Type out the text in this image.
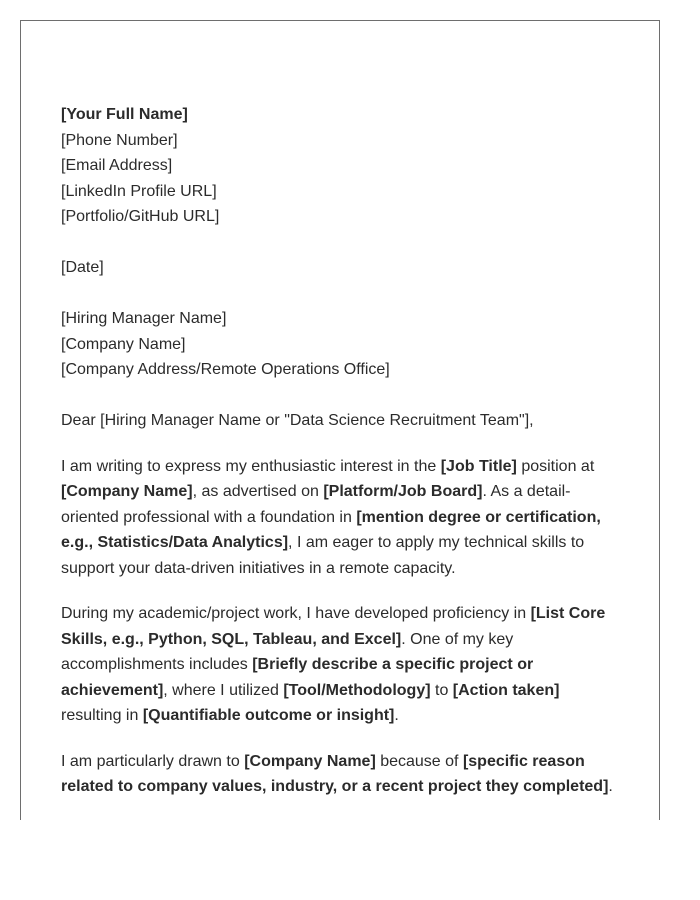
[Your Full Name]
[Phone Number]
[Email Address]
[LinkedIn Profile URL]
[Portfolio/GitHub URL]
[Date]
[Hiring Manager Name]
[Company Name]
[Company Address/Remote Operations Office]
Dear [Hiring Manager Name or "Data Science Recruitment Team"],

I am writing to express my enthusiastic interest in the [Job Title] position at [Company Name], as advertised on [Platform/Job Board]. As a detail-oriented professional with a foundation in [mention degree or certification, e.g., Statistics/Data Analytics], I am eager to apply my technical skills to support your data-driven initiatives in a remote capacity.

During my academic/project work, I have developed proficiency in [List Core Skills, e.g., Python, SQL, Tableau, and Excel]. One of my key accomplishments includes [Briefly describe a specific project or achievement], where I utilized [Tool/Methodology] to [Action taken] resulting in [Quantifiable outcome or insight].

I am particularly drawn to [Company Name] because of [specific reason related to company values, industry, or a recent project they completed].
